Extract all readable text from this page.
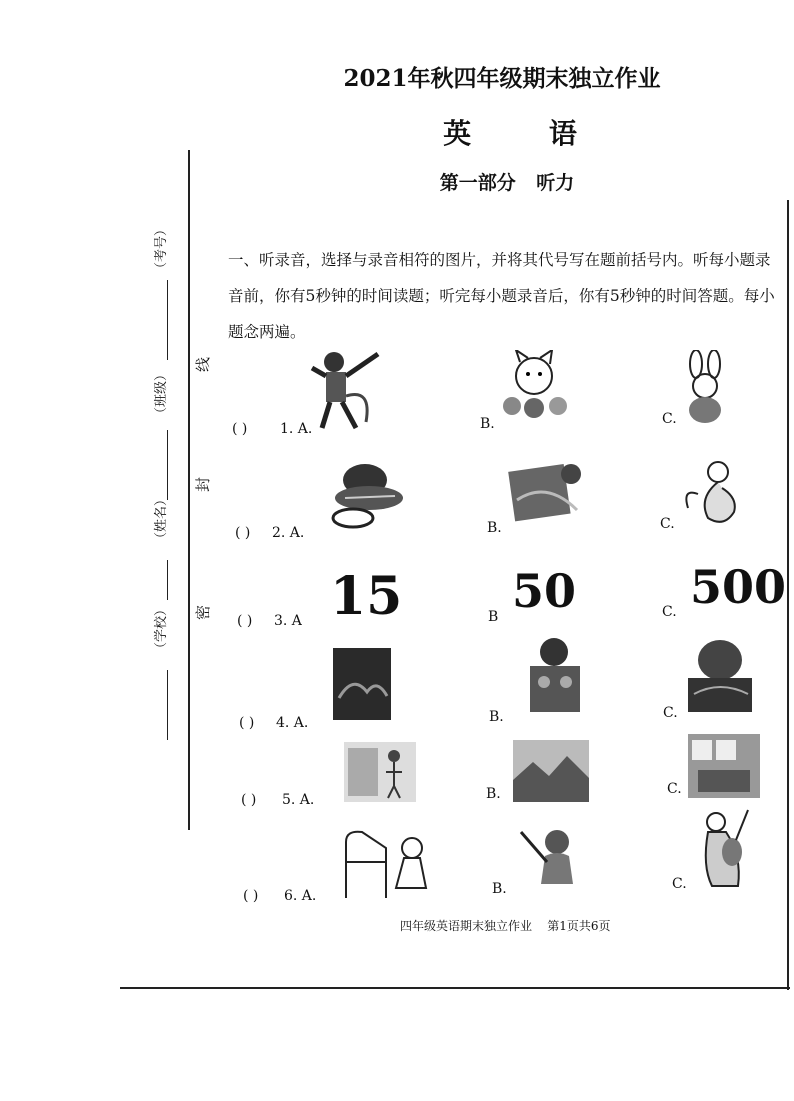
2021年秋四年级期末独立作业
英 语
第一部分 听力
一、听录音，选择与录音相符的图片，并将其代号写在题前括号内。听每小题录音前，你有5秒钟的时间读题；听完每小题录音后，你有5秒钟的时间答题。每小题念两遍。
（考号）
（班级）
（姓名）
（学校）
线
封
密
( ) 1. A.	B.	C.
( ) 2. A.	B.	C.
( ) 3. A 15	B 50	C. 500
( ) 4. A.	B.	C.
( ) 5. A.	B.	C.
( ) 6. A.	B.	C.
四年级英语期末独立作业    第1页共6页
